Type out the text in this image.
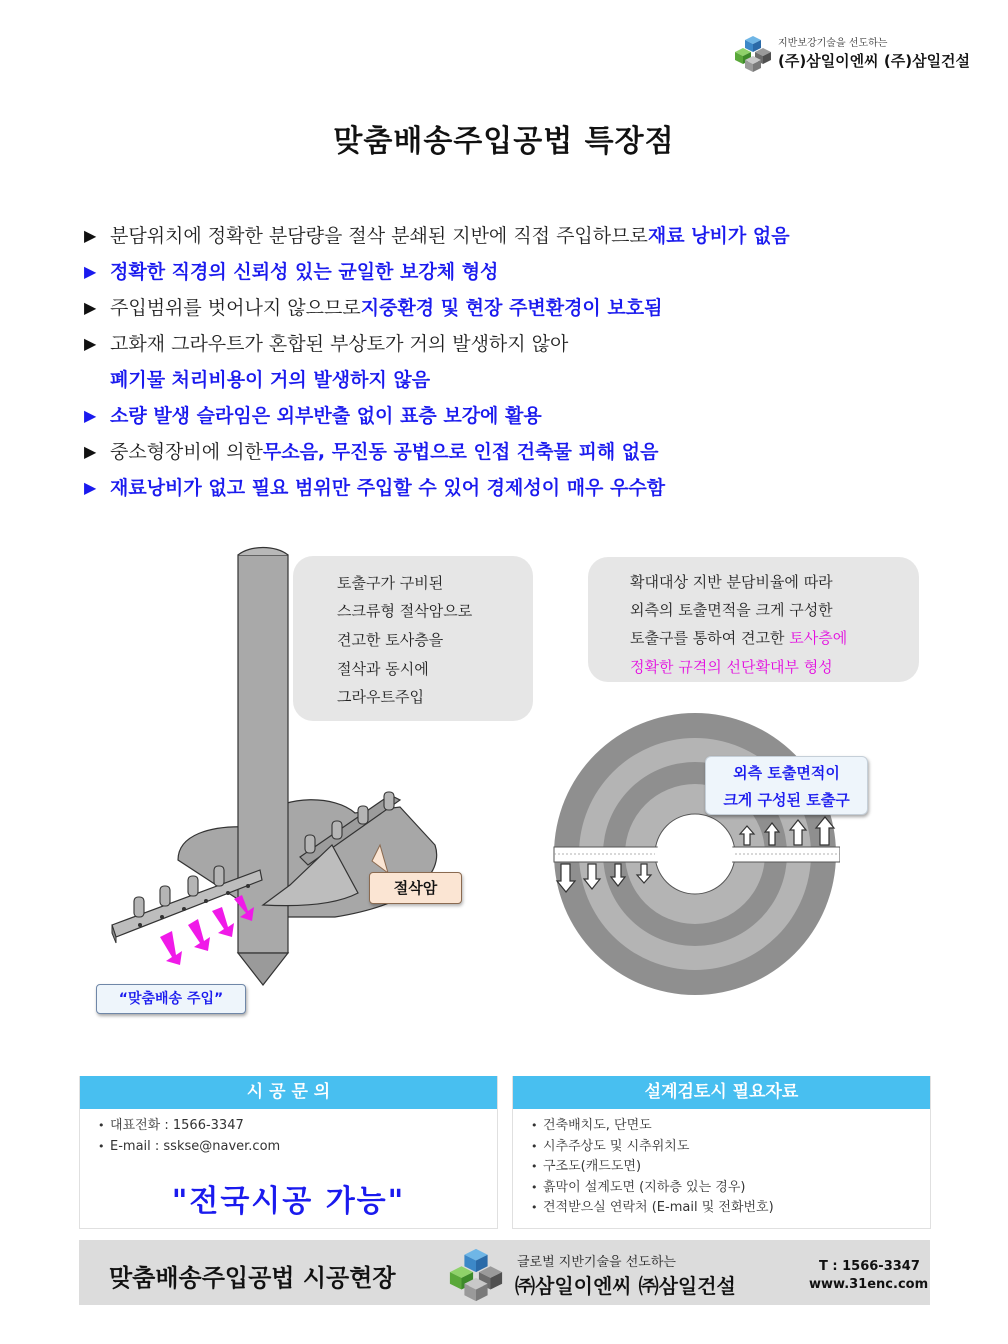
지반보강기술을 선도하는
(주)삼일이엔씨 (주)삼일건설
맞춤배송주입공법 특장점
▶ 분담위치에 정확한 분담량을 절삭 분쇄된 지반에 직접 주입하므로 재료 낭비가 없음
▶ 정확한 직경의 신뢰성 있는 균일한 보강체 형성
▶ 주입범위를 벗어나지 않으므로 지중환경 및 현장 주변환경이 보호됨
▶ 고화재 그라우트가 혼합된 부상토가 거의 발생하지 않아
폐기물 처리비용이 거의 발생하지 않음
▶ 소량 발생 슬라임은 외부반출 없이 표층 보강에 활용
▶ 중소형장비에 의한 무소음, 무진동 공법으로 인접 건축물 피해 없음
▶ 재료낭비가 없고 필요 범위만 주입할 수 있어 경제성이 매우 우수함

토출구가 구비된

스크류형 절삭암으로

견고한 토사층을

절삭과 동시에

그라우트주입

절삭암
“맞춤배송 주입”

확대대상 지반 분담비율에 따라

외측의 토출면적을 크게 구성한

토출구를 통하여 견고한 토사층에

정확한 규격의 선단확대부 형성

외측 토출면적이

크게 구성된 토출구

시 공 문 의
• 대표전화 : 1566-3347
• E-mail : sskse@naver.com
"전국시공 가능"
설계검토시 필요자료
• 건축배치도, 단면도
• 시추주상도 및 시추위치도
• 구조도(캐드도면)
• 흙막이 설계도면 (지하층 있는 경우)
• 견적받으실 연락처 (E-mail 및 전화번호)
맞춤배송주입공법 시공현장
글로벌 지반기술을 선도하는
㈜삼일이엔씨 ㈜삼일건설
T : 1566-3347
www.31enc.com
